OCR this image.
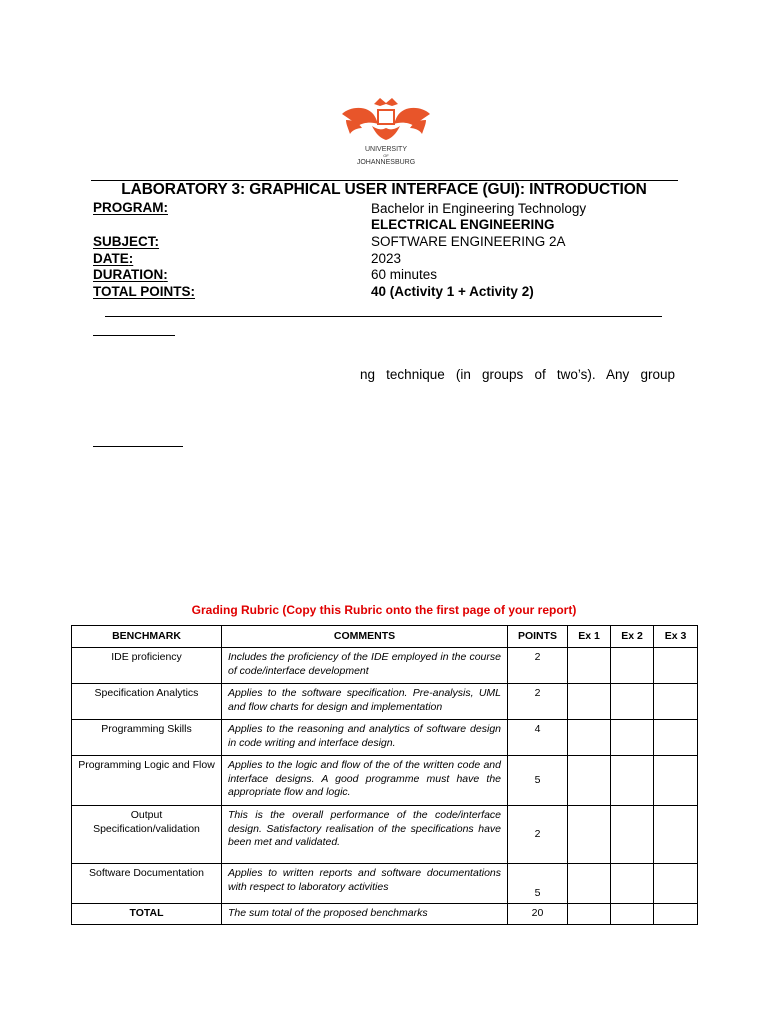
UNIVERSITY
OF
JOHANNESBURG
LABORATORY 3: GRAPHICAL USER INTERFACE (GUI): INTRODUCTION
PROGRAM:	Bachelor in Engineering Technology
ELECTRICAL ENGINEERING
SUBJECT:	SOFTWARE ENGINEERING 2A
DATE:	2023
DURATION:	60 minutes
TOTAL POINTS:	40 (Activity 1 + Activity 2)
ng technique (in groups of two’s). Any group
Grading Rubric (Copy this Rubric onto the first page of your report)
BENCHMARK	COMMENTS	POINTS	Ex 1	Ex 2	Ex 3
IDE proficiency	Includes the proficiency of the IDE employed in the course of code/interface development	2			
Specification Analytics	Applies to the software specification. Pre-analysis, UML and flow charts for design and implementation	2			
Programming Skills	Applies to the reasoning and analytics of software design in code writing and interface design.	4			
Programming Logic and Flow	Applies to the logic and flow of the of the written code and interface designs. A good programme must have the appropriate flow and logic.	5			
Output Specification/validation	This is the overall performance of the code/interface design. Satisfactory realisation of the specifications have been met and validated.	2			
Software Documentation	Applies to written reports and software documentations with respect to laboratory activities	5			
TOTAL	The sum total of the proposed benchmarks	20			
